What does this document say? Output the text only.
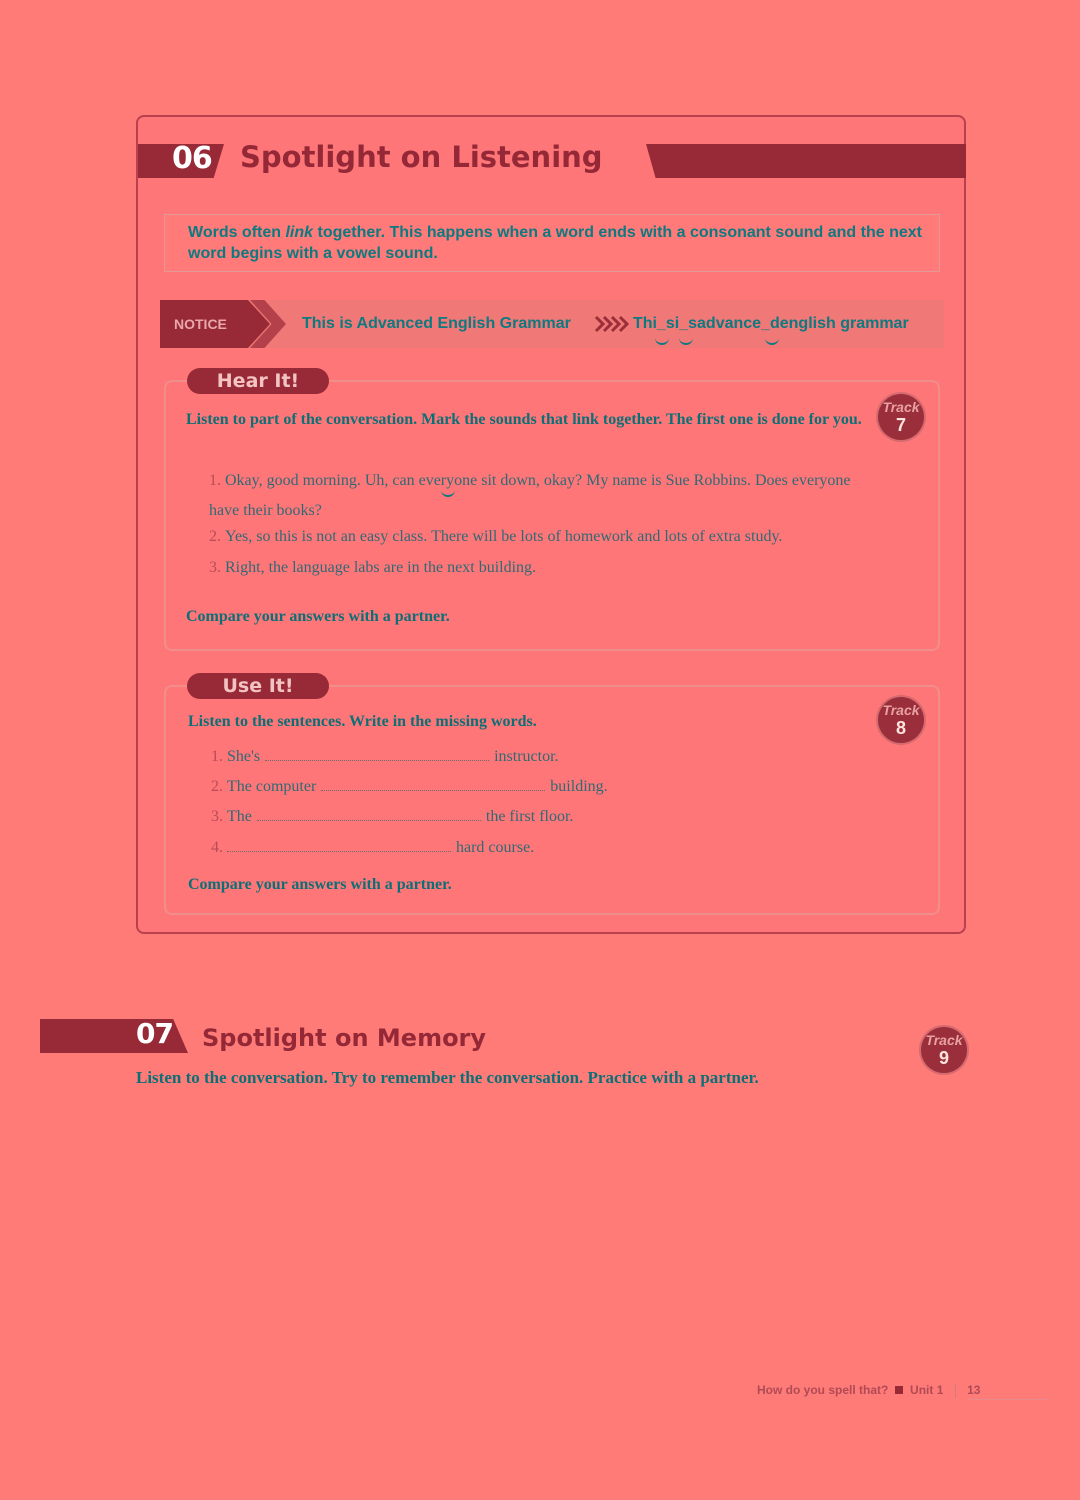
06 Spotlight on Listening
Words often link together. This happens when a word ends with a consonant sound and the next word begins with a vowel sound.
NOTICE	This is Advanced English Grammar	Thi_si_sadvance_denglish grammar
Hear It!
Track
7
Listen to part of the conversation. Mark the sounds that link together. The first one is done for you.
1. Okay, good morning. Uh, can everyone sit down, okay? My name is Sue Robbins. Does everyone have their books?
2. Yes, so this is not an easy class. There will be lots of homework and lots of extra study.
3. Right, the language labs are in the next building.
Compare your answers with a partner.
Use It!
Track
8
Listen to the sentences. Write in the missing words.
1. She's	instructor.
2. The computer	building.
3. The	the first floor.
4.	hard course.
Compare your answers with a partner.
07 Spotlight on Memory	Track
9
Listen to the conversation. Try to remember the conversation. Practice with a partner.
How do you spell that? Unit 1 13
